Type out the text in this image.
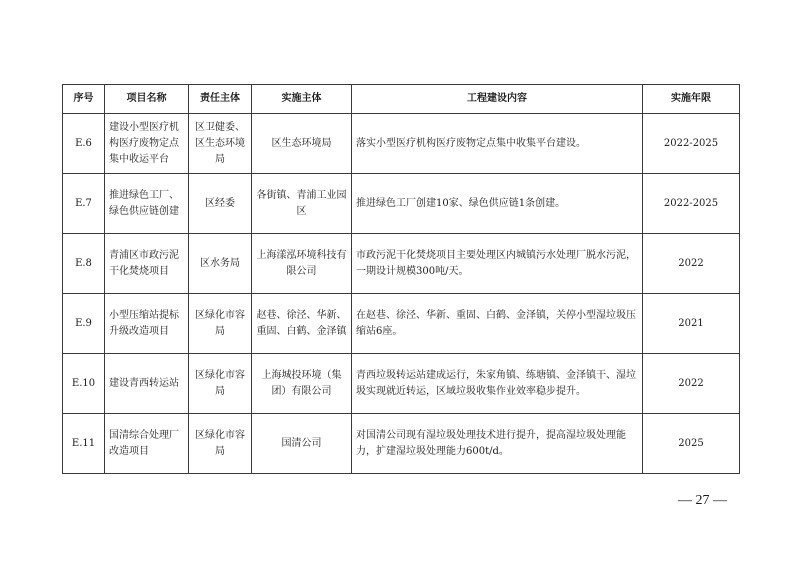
序号	项目名称	责任主体	实施主体	工程建设内容	实施年限
E.6	建设小型医疗机构医疗废物定点集中收运平台	区卫健委、区生态环境局	区生态环境局	落实小型医疗机构医疗废物定点集中收集平台建设。	2022-2025
E.7	推进绿色工厂、绿色供应链创建	区经委	各街镇、青浦工业园区	推进绿色工厂创建10家、绿色供应链1条创建。	2022-2025
E.8	青浦区市政污泥干化焚烧项目	区水务局	上海漾泓环境科技有限公司	市政污泥干化焚烧项目主要处理区内城镇污水处理厂脱水污泥，一期设计规模300吨/天。	2022
E.9	小型压缩站提标升级改造项目	区绿化市容局	赵巷、徐泾、华新、重固、白鹤、金泽镇	在赵巷、徐泾、华新、重固、白鹤、金泽镇，关停小型湿垃圾压缩站6座。	2021
E.10	建设青西转运站	区绿化市容局	上海城投环境（集团）有限公司	青西垃圾转运站建成运行，朱家角镇、练塘镇、金泽镇干、湿垃圾实现就近转运，区域垃圾收集作业效率稳步提升。	2022
E.11	国清综合处理厂改造项目	区绿化市容局	国清公司	对国清公司现有湿垃圾处理技术进行提升，提高湿垃圾处理能力，扩建湿垃圾处理能力600t/d。	2025
— 27 —
